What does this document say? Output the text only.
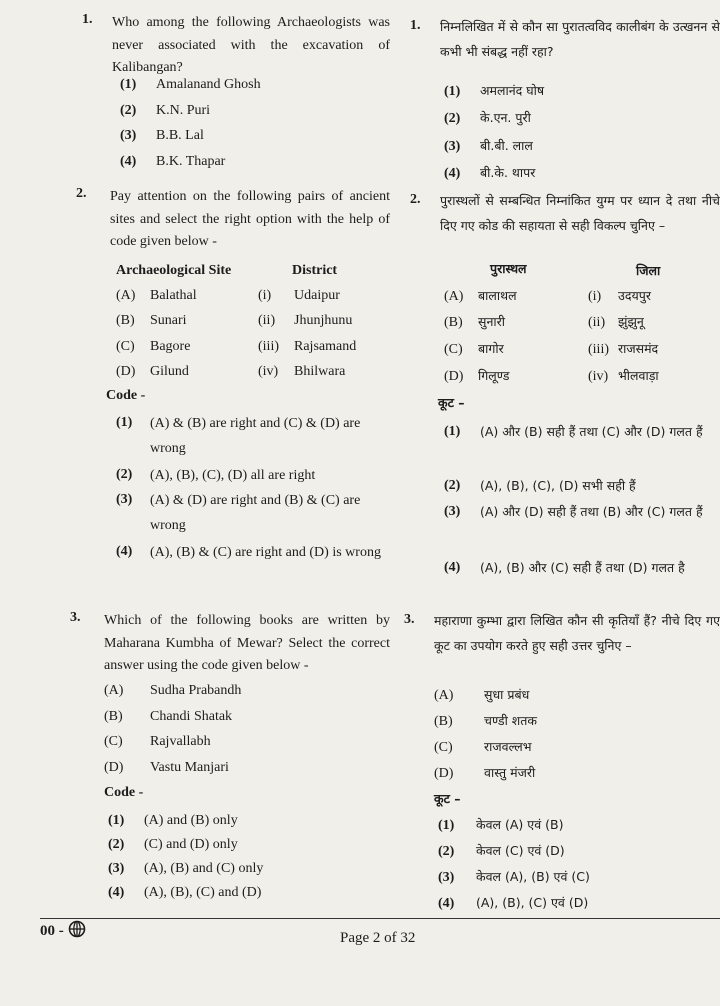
1. Who among the following Archaeologists was never associated with the excavation of Kalibangan?
(1) Amalanand Ghosh
(2) K.N. Puri
(3) B.B. Lal
(4) B.K. Thapar
2. Pay attention on the following pairs of ancient sites and select the right option with the help of code given below -
Archaeological Site	District
(A) Balathal	(i) Udaipur
(B) Sunari	(ii) Jhunjhunu
(C) Bagore	(iii) Rajsamand
(D) Gilund	(iv) Bhilwara
Code -
(1) (A) & (B) are right and (C) & (D) are wrong
(2) (A), (B), (C), (D) all are right
(3) (A) & (D) are right and (B) & (C) are wrong
(4) (A), (B) & (C) are right and (D) is wrong
3. Which of the following books are written by Maharana Kumbha of Mewar? Select the correct answer using the code given below -
(A) Sudha Prabandh
(B) Chandi Shatak
(C) Rajvallabh
(D) Vastu Manjari
Code -
(1) (A) and (B) only
(2) (C) and (D) only
(3) (A), (B) and (C) only
(4) (A), (B), (C) and (D)
1. निम्नलिखित में से कौन सा पुरातत्वविद कालीबंग के उत्खनन से कभी भी संबद्ध नहीं रहा?
(1) अमलानंद घोष
(2) के.एन. पुरी
(3) बी.बी. लाल
(4) बी.के. थापर
2. पुरास्थलों से सम्बन्धित निम्नांकित युग्म पर ध्यान दे तथा नीचे दिए गए कोड की सहायता से सही विकल्प चुनिए –
पुरास्थल	जिला
(A) बालाथल	(i) उदयपुर
(B) सुनारी	(ii) झुंझुनू
(C) बागोर	(iii) राजसमंद
(D) गिलूण्ड	(iv) भीलवाड़ा
कूट –
(1) (A) और (B) सही हैं तथा (C) और (D) गलत हैं
(2) (A), (B), (C), (D) सभी सही हैं
(3) (A) और (D) सही हैं तथा (B) और (C) गलत हैं
(4) (A), (B) और (C) सही हैं तथा (D) गलत है
3. महाराणा कुम्भा द्वारा लिखित कौन सी कृतियाँ हैं? नीचे दिए गए कूट का उपयोग करते हुए सही उत्तर चुनिए –
(A) सुधा प्रबंध
(B)	चण्डी शतक
(C)	राजवल्लभ
(D) वास्तु मंजरी
कूट –
(1) केवल (A) एवं (B)
(2) केवल (C) एवं (D)
(3) केवल (A), (B) एवं (C)
(4) (A), (B), (C) एवं (D)
00 -	Page 2 of 32
